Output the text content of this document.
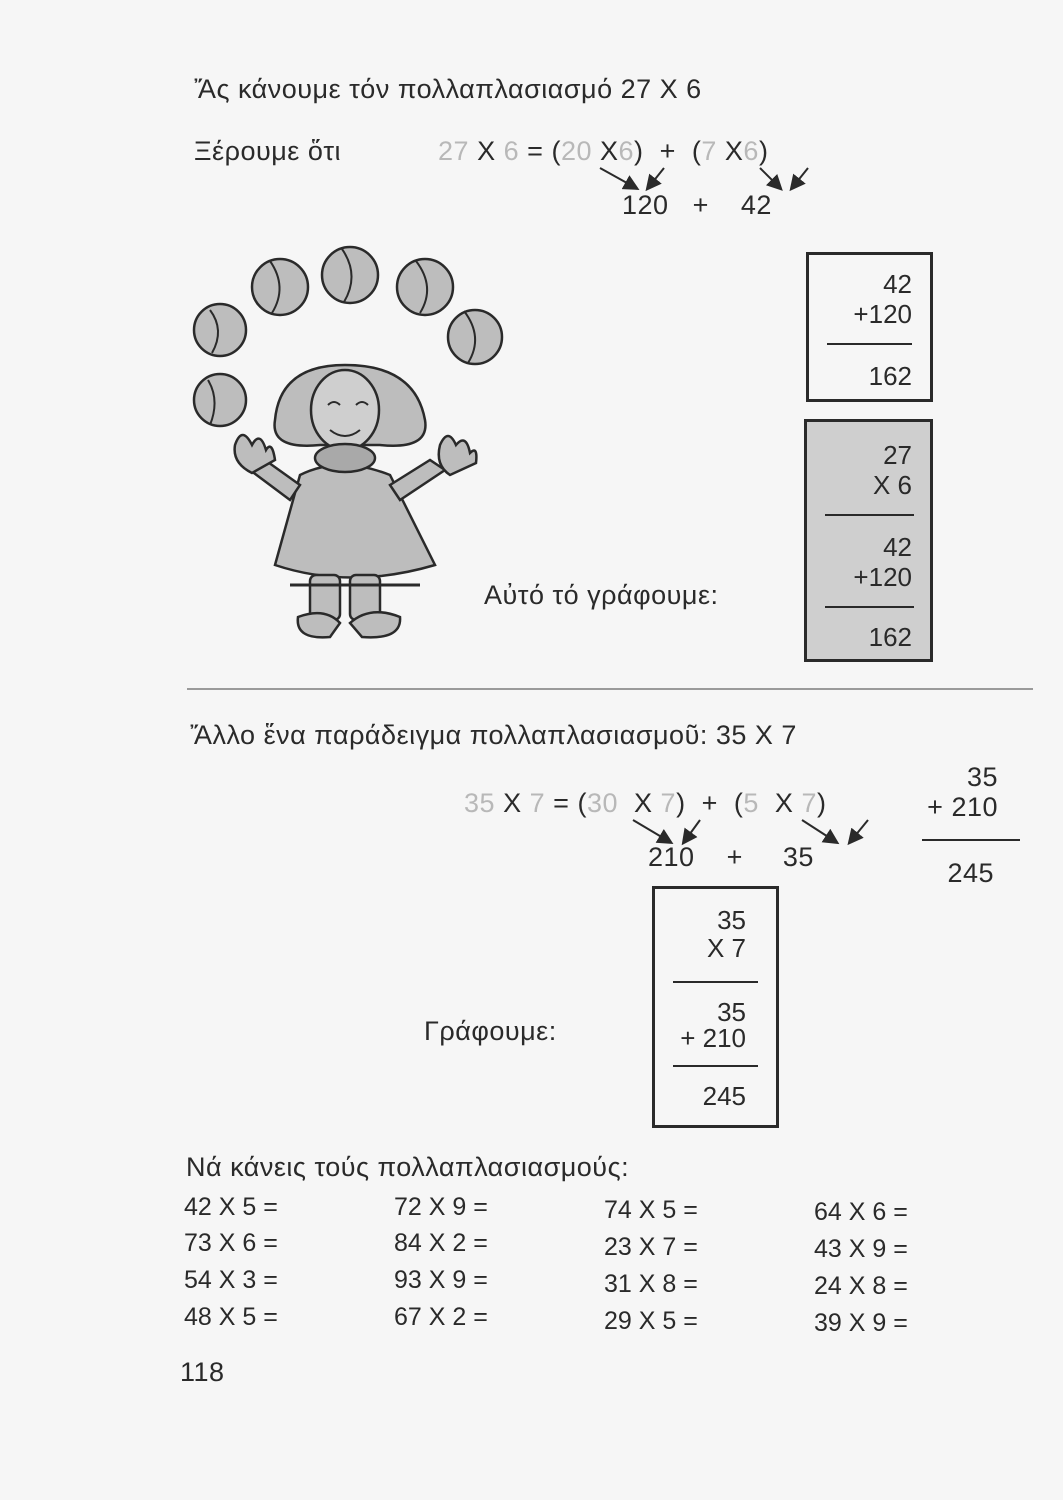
Ἄς κάνουμε τόν πολλαπλασιασμό 27 Χ 6
Ξέρουμε ὅτι	27 Χ 6 = (20 Χ6) + (7 Χ6)
120 + 42
42
+120
162
27
Χ 6
42
+120
162
Αὐτό τό γράφουμε:
Ἄλλο ἕνα παράδειγμα πολλαπλασιασμοῦ: 35 Χ 7
35 Χ 7 = (30 Χ 7) + (5 Χ 7)
210 + 35
35
+ 210
245
35
Χ 7
35
+ 210
245
Γράφουμε:
Νά κάνεις τούς πολλαπλασιασμούς:
42 Χ 5 =
73 Χ 6 =
54 Χ 3 =
48 Χ 5 =
72 Χ 9 =
84 Χ 2 =
93 Χ 9 =
67 Χ 2 =
74 Χ 5 =
23 Χ 7 =
31 Χ 8 =
29 Χ 5 =
64 Χ 6 =
43 Χ 9 =
24 Χ 8 =
39 Χ 9 =
118
